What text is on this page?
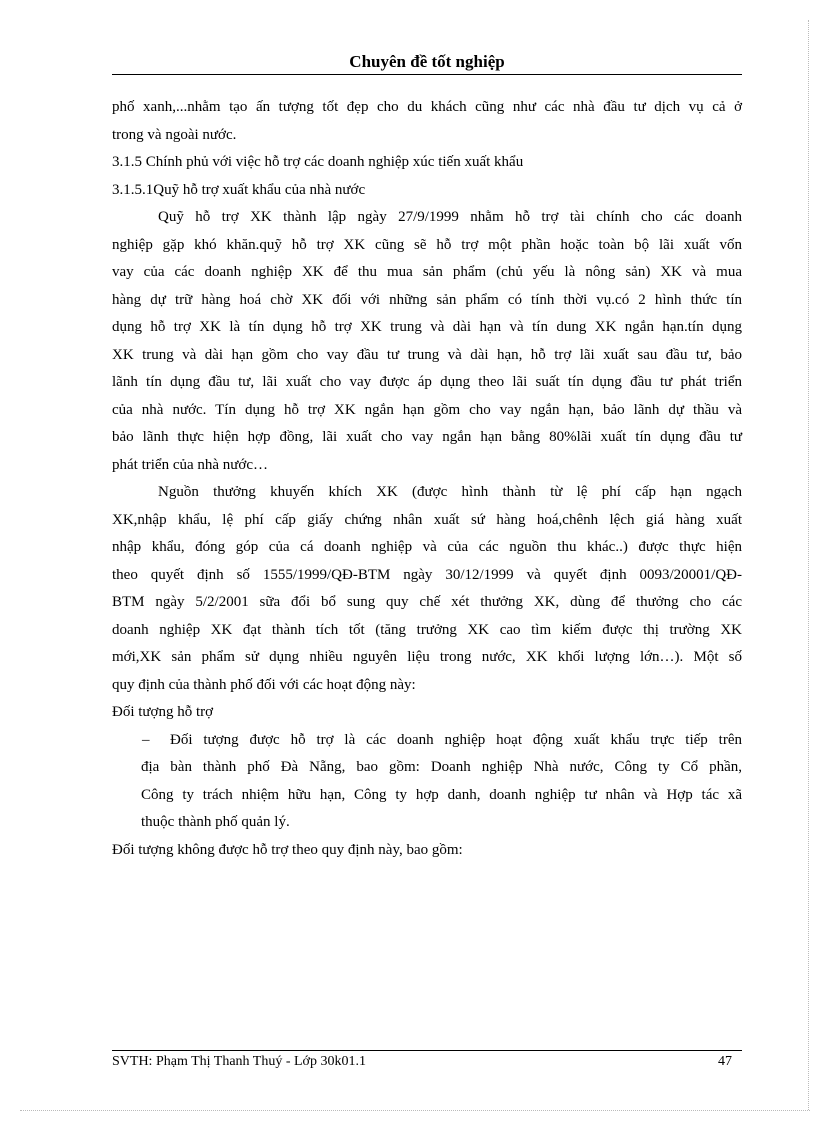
Chuyên đề tốt nghiệp
phố xanh,...nhằm tạo ấn tượng tốt đẹp cho du khách cũng như các nhà đầu tư dịch vụ cả ở
trong và ngoài nước.
3.1.5 Chính phủ với việc hỗ trợ các doanh nghiệp xúc tiến xuất khẩu
3.1.5.1Quỹ hỗ trợ xuất khẩu của nhà nước
Quỹ hỗ trợ XK thành lập ngày 27/9/1999 nhằm hỗ trợ tài chính cho các doanh
nghiệp gặp khó khăn.quỹ hỗ trợ XK cũng sẽ hỗ trợ một phần hoặc toàn bộ lãi xuất vốn
vay của các doanh nghiệp XK để thu mua sản phẩm (chủ yếu là nông sản) XK và mua
hàng dự trữ hàng hoá chờ XK đối với những sản phẩm có tính thời vụ.có 2 hình thức tín
dụng hỗ trợ XK là tín dụng hỗ trợ XK trung và dài hạn và tín dung XK ngắn hạn.tín dụng
XK trung và dài hạn gồm cho vay đầu tư trung và dài hạn, hỗ trợ lãi xuất sau đầu tư, bảo
lãnh tín dụng đầu tư, lãi xuất cho vay được áp dụng theo lãi suất tín dụng đầu tư phát triển
của nhà nước. Tín dụng hỗ trợ XK ngắn hạn gồm cho vay ngắn hạn, bảo lãnh dự thầu và
bảo lãnh thực hiện hợp đồng, lãi xuất cho vay ngắn hạn bằng 80%lãi xuất tín dụng đầu tư
phát triển của nhà nước…
Nguồn thưởng khuyến khích XK (được hình thành từ lệ phí cấp hạn ngạch
XK,nhập khẩu, lệ phí cấp giấy chứng nhân xuất sứ hàng hoá,chênh lệch giá hàng xuất
nhập khẩu, đóng góp của cá doanh nghiệp và của các nguồn thu khác..) được thực hiện
theo quyết định số 1555/1999/QĐ-BTM ngày 30/12/1999 và quyết định 0093/20001/QĐ-
BTM ngày 5/2/2001 sữa đổi bổ sung quy chế xét thưởng XK, dùng để thưởng cho các
doanh nghiệp XK đạt thành tích tốt (tăng trưởng XK cao tìm kiếm được thị trường XK
mới,XK sản phẩm sử dụng nhiều nguyên liệu trong nước, XK khối lượng lớn…). Một số
quy định của thành phố đối với các hoạt động này:
Đối tượng hỗ trợ
– Đối tượng được hỗ trợ là các doanh nghiệp hoạt động xuất khẩu trực tiếp trên
địa bàn thành phố Đà Nẵng, bao gồm: Doanh nghiệp Nhà nước, Công ty Cổ phần,
Công ty trách nhiệm hữu hạn, Công ty hợp danh, doanh nghiệp tư nhân và Hợp tác xã
thuộc thành phố quản lý.
Đối tượng không được hỗ trợ theo quy định này, bao gồm:
SVTH: Phạm Thị Thanh Thuý - Lớp 30k01.1	47
